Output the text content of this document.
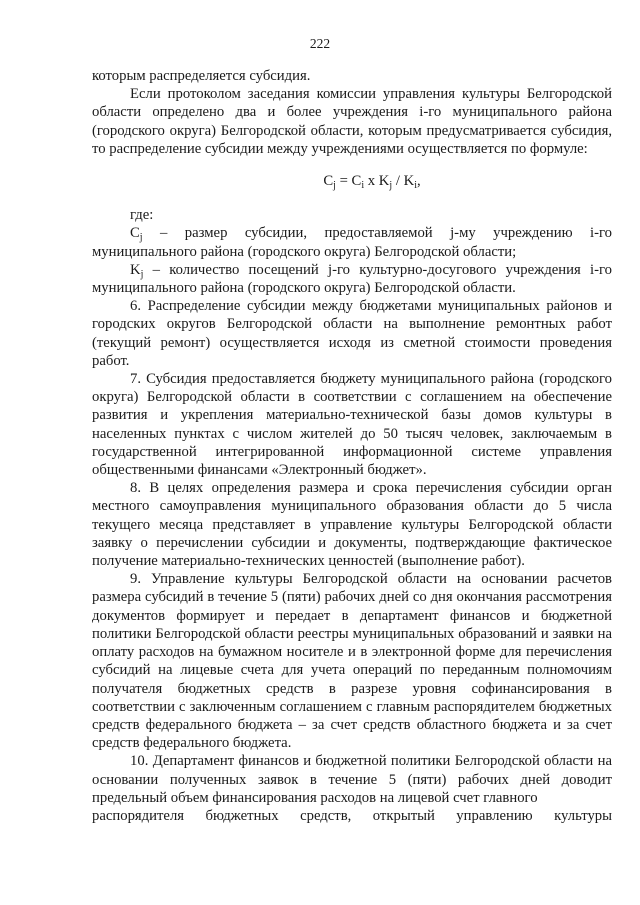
222

которым распределяется субсидия.

Если протоколом заседания комиссии управления культуры Белгородской области определено два и более учреждения i-го муниципального района (городского округа) Белгородской области, которым предусматривается субсидия, то распределение субсидии между учреждениями осуществляется по формуле:

$C_j = C_i$ x $K_j / K_i$,

где:

$C_j$ – размер субсидии, предоставляемой j-му учреждению i-го муниципального района (городского округа) Белгородской области;

$K_j$ – количество посещений j-го культурно-досугового учреждения i-го муниципального района (городского округа) Белгородской области.

6. Распределение субсидии между бюджетами муниципальных районов и городских округов Белгородской области на выполнение ремонтных работ (текущий ремонт) осуществляется исходя из сметной стоимости проведения работ.

7. Субсидия предоставляется бюджету муниципального района (городского округа) Белгородской области в соответствии с соглашением на обеспечение развития и укрепления материально-технической базы домов культуры в населенных пунктах с числом жителей до 50 тысяч человек, заключаемым в государственной интегрированной информационной системе управления общественными финансами «Электронный бюджет».

8. В целях определения размера и срока перечисления субсидии орган местного самоуправления муниципального образования области до 5 числа текущего месяца представляет в управление культуры Белгородской области заявку о перечислении субсидии и документы, подтверждающие фактическое получение материально-технических ценностей (выполнение работ).

9. Управление культуры Белгородской области на основании расчетов размера субсидий в течение 5 (пяти) рабочих дней со дня окончания рассмотрения документов формирует и передает в департамент финансов и бюджетной политики Белгородской области реестры муниципальных образований и заявки на оплату расходов на бумажном носителе и в электронной форме для перечисления субсидий на лицевые счета для учета операций по переданным полномочиям получателя бюджетных средств в разрезе уровня софинансирования в соответствии с заключенным соглашением с главным распорядителем бюджетных средств федерального бюджета – за счет средств областного бюджета и за счет средств федерального бюджета.

10. Департамент финансов и бюджетной политики Белгородской области на основании полученных заявок в течение 5 (пяти) рабочих дней доводит предельный объем финансирования расходов на лицевой счет главного

распорядителя бюджетных средств, открытый управлению культуры
